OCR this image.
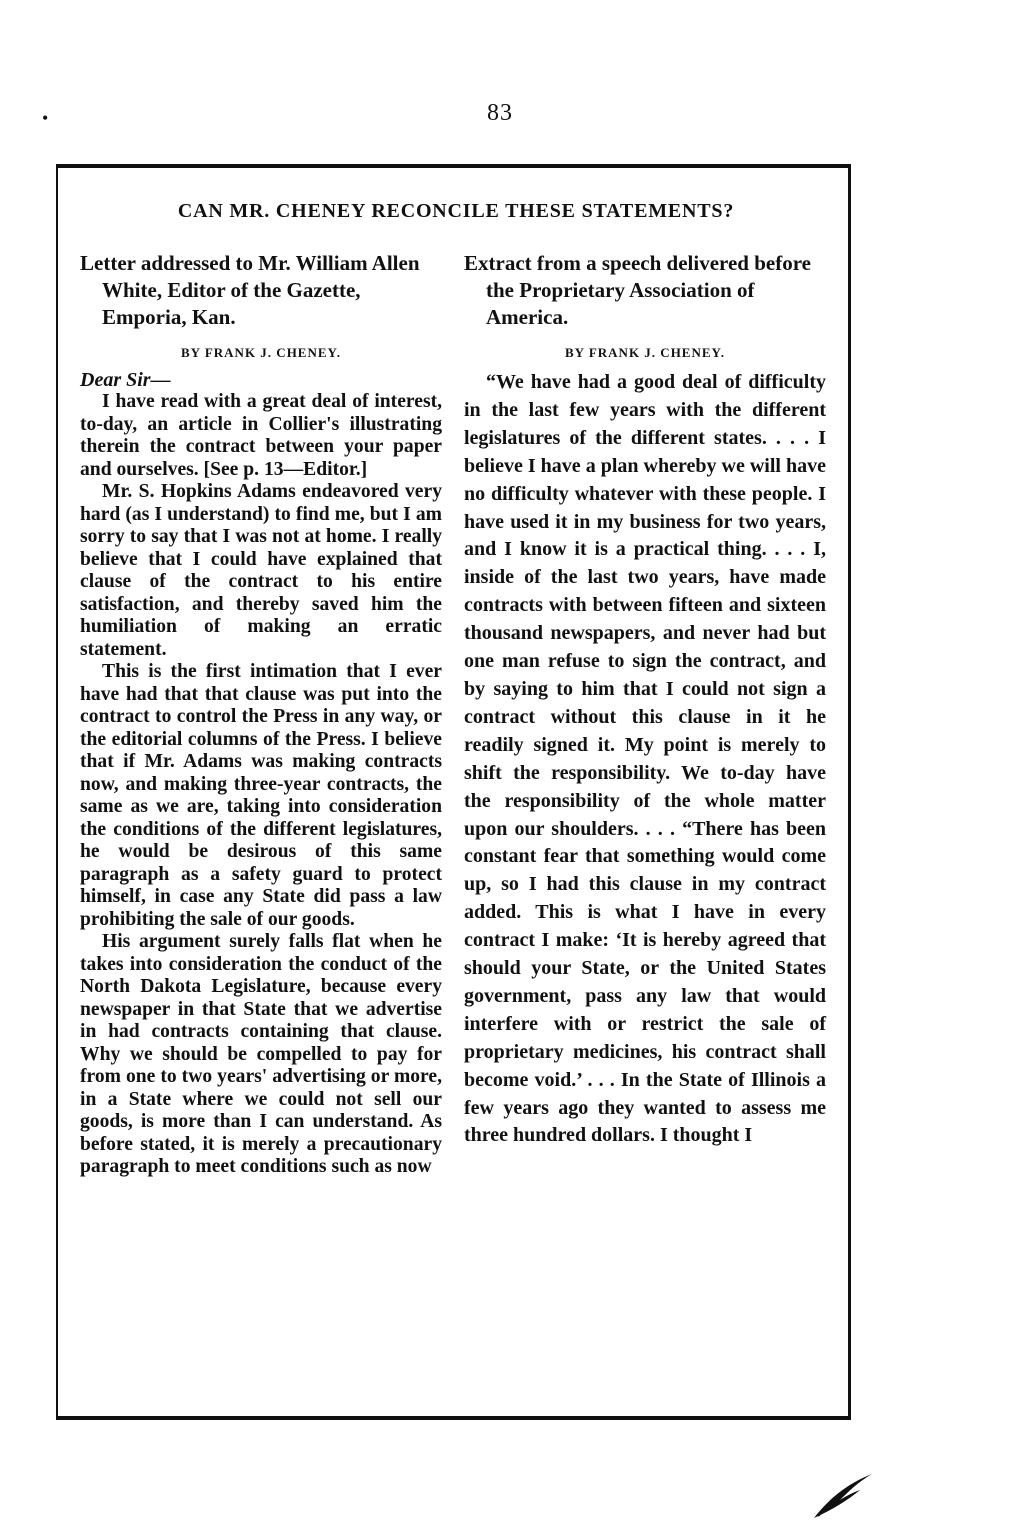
•	83
CAN MR. CHENEY RECONCILE THESE STATEMENTS?

Letter addressed to Mr. William Allen White, Editor of the Gazette, Emporia, Kan.

BY FRANK J. CHENEY.

Dear Sir—

I have read with a great deal of interest, to-day, an article in Collier's illustrating therein the contract between your paper and ourselves. [See p. 13—Editor.]

Mr. S. Hopkins Adams endeavored very hard (as I understand) to find me, but I am sorry to say that I was not at home. I really believe that I could have explained that clause of the contract to his entire satisfaction, and thereby saved him the humiliation of making an erratic statement.

This is the first intimation that I ever have had that that clause was put into the contract to control the Press in any way, or the editorial columns of the Press. I believe that if Mr. Adams was making contracts now, and making three-year contracts, the same as we are, taking into consideration the conditions of the different legislatures, he would be desirous of this same paragraph as a safety guard to protect himself, in case any State did pass a law prohibiting the sale of our goods.

His argument surely falls flat when he takes into consideration the conduct of the North Dakota Legislature, because every newspaper in that State that we advertise in had contracts containing that clause. Why we should be compelled to pay for from one to two years' advertising or more, in a State where we could not sell our goods, is more than I can understand. As before stated, it is merely a precautionary paragraph to meet conditions such as now

Extract from a speech delivered before the Proprietary Association of America.

BY FRANK J. CHENEY.

“We have had a good deal of difficulty in the last few years with the different legislatures of the different states. . . . I believe I have a plan whereby we will have no difficulty whatever with these people. I have used it in my business for two years, and I know it is a practical thing. . . . I, inside of the last two years, have made contracts with between fifteen and sixteen thousand newspapers, and never had but one man refuse to sign the contract, and by saying to him that I could not sign a contract without this clause in it he readily signed it. My point is merely to shift the responsibility. We to-day have the responsibility of the whole matter upon our shoulders. . . . “There has been constant fear that something would come up, so I had this clause in my contract added. This is what I have in every contract I make: ‘It is hereby agreed that should your State, or the United States government, pass any law that would interfere with or restrict the sale of proprietary medicines, his contract shall become void.’ . . . In the State of Illinois a few years ago they wanted to assess me three hundred dollars. I thought I
